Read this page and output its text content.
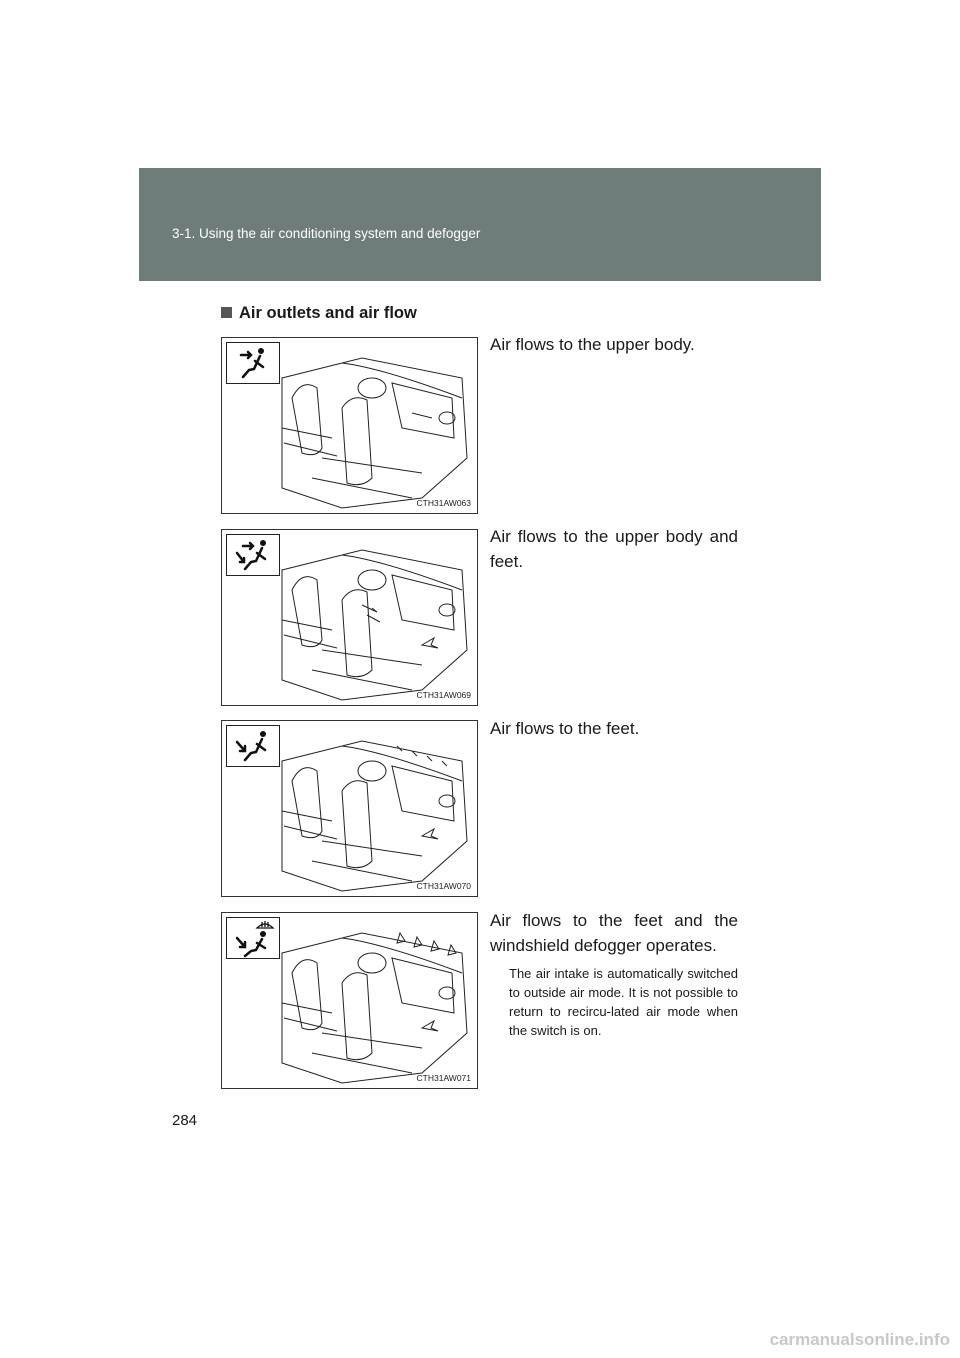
3-1. Using the air conditioning system and defogger
Air outlets and air flow
CTH31AW063
Air flows to the upper body.
CTH31AW069
Air flows to the upper body and feet.
CTH31AW070
Air flows to the feet.
CTH31AW071
Air flows to the feet and the windshield defogger operates.
The air intake is automatically switched to outside air mode. It is not possible to return to recircu-lated air mode when the switch is on.
284
carmanualsonline.info
